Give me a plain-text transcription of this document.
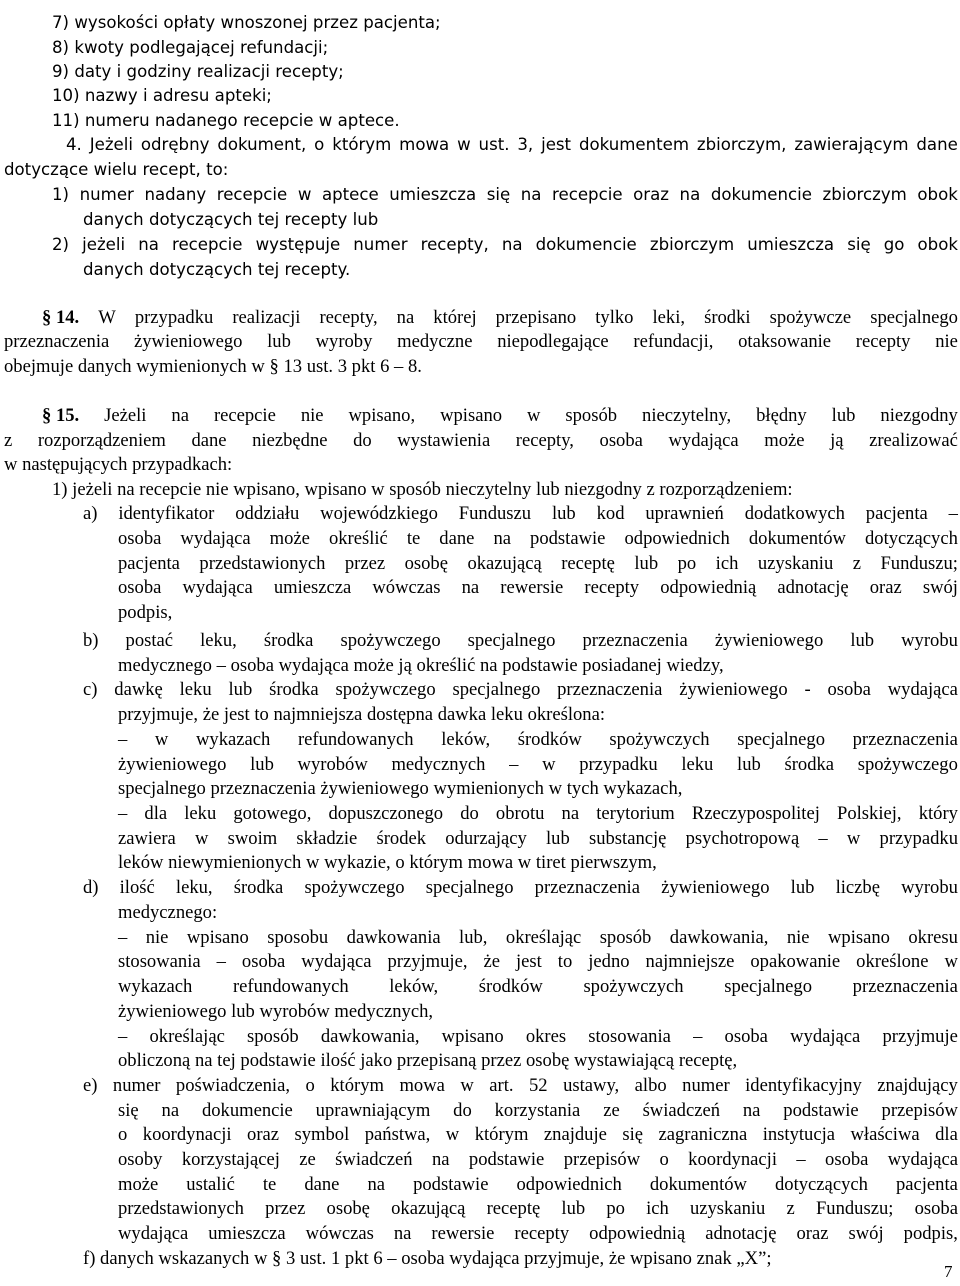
7) wysokości opłaty wnoszonej przez pacjenta;
8) kwoty podlegającej refundacji;
9) daty i godziny realizacji recepty;
10) nazwy i adresu apteki;
11) numeru nadanego recepcie w aptece.
4. Jeżeli odrębny dokument, o którym mowa w ust. 3, jest dokumentem zbiorczym, zawierającym dane
dotyczące wielu recept, to:
1) numer nadany recepcie w aptece umieszcza się na recepcie oraz na dokumencie zbiorczym obok
danych dotyczących tej recepty lub
2) jeżeli na recepcie występuje numer recepty, na dokumencie zbiorczym umieszcza się go obok
danych dotyczących tej recepty.
§ 14. W przypadku realizacji recepty, na której przepisano tylko leki, środki spożywcze specjalnego
przeznaczenia żywieniowego lub wyroby medyczne niepodlegające refundacji, otaksowanie recepty nie
obejmuje danych wymienionych w § 13 ust. 3 pkt 6 – 8.
§ 15. Jeżeli na recepcie nie wpisano, wpisano w sposób nieczytelny, błędny lub niezgodny
z rozporządzeniem dane niezbędne do wystawienia recepty, osoba wydająca może ją zrealizować
w następujących przypadkach:
1) jeżeli na recepcie nie wpisano, wpisano w sposób nieczytelny lub niezgodny z rozporządzeniem:
a) identyfikator oddziału wojewódzkiego Funduszu lub kod uprawnień dodatkowych pacjenta –
osoba wydająca może określić te dane na podstawie odpowiednich dokumentów dotyczących
pacjenta przedstawionych przez osobę okazującą receptę lub po ich uzyskaniu z Funduszu;
osoba wydająca umieszcza wówczas na rewersie recepty odpowiednią adnotację oraz swój
podpis,
b) postać leku, środka spożywczego specjalnego przeznaczenia żywieniowego lub wyrobu
medycznego – osoba wydająca może ją określić na podstawie posiadanej wiedzy,
c) dawkę leku lub środka spożywczego specjalnego przeznaczenia żywieniowego - osoba wydająca
przyjmuje, że jest to najmniejsza dostępna dawka leku określona:
– w wykazach refundowanych leków, środków spożywczych specjalnego przeznaczenia
żywieniowego lub wyrobów medycznych – w przypadku leku lub środka spożywczego
specjalnego przeznaczenia żywieniowego wymienionych w tych wykazach,
– dla leku gotowego, dopuszczonego do obrotu na terytorium Rzeczypospolitej Polskiej, który
zawiera w swoim składzie środek odurzający lub substancję psychotropową – w przypadku
leków niewymienionych w wykazie, o którym mowa w tiret pierwszym,
d) ilość leku, środka spożywczego specjalnego przeznaczenia żywieniowego lub liczbę wyrobu
medycznego:
– nie wpisano sposobu dawkowania lub, określając sposób dawkowania, nie wpisano okresu
stosowania – osoba wydająca przyjmuje, że jest to jedno najmniejsze opakowanie określone w
wykazach refundowanych leków, środków spożywczych specjalnego przeznaczenia
żywieniowego lub wyrobów medycznych,
– określając sposób dawkowania, wpisano okres stosowania – osoba wydająca przyjmuje
obliczoną na tej podstawie ilość jako przepisaną przez osobę wystawiającą receptę,
e) numer poświadczenia, o którym mowa w art. 52 ustawy, albo numer identyfikacyjny znajdujący
się na dokumencie uprawniającym do korzystania ze świadczeń na podstawie przepisów
o koordynacji oraz symbol państwa, w którym znajduje się zagraniczna instytucja właściwa dla
osoby korzystającej ze świadczeń na podstawie przepisów o koordynacji – osoba wydająca
może ustalić te dane na podstawie odpowiednich dokumentów dotyczących pacjenta
przedstawionych przez osobę okazującą receptę lub po ich uzyskaniu z Funduszu; osoba
wydająca umieszcza wówczas na rewersie recepty odpowiednią adnotację oraz swój podpis,
f) danych wskazanych w § 3 ust. 1 pkt 6 – osoba wydająca przyjmuje, że wpisano znak „X”;
7
